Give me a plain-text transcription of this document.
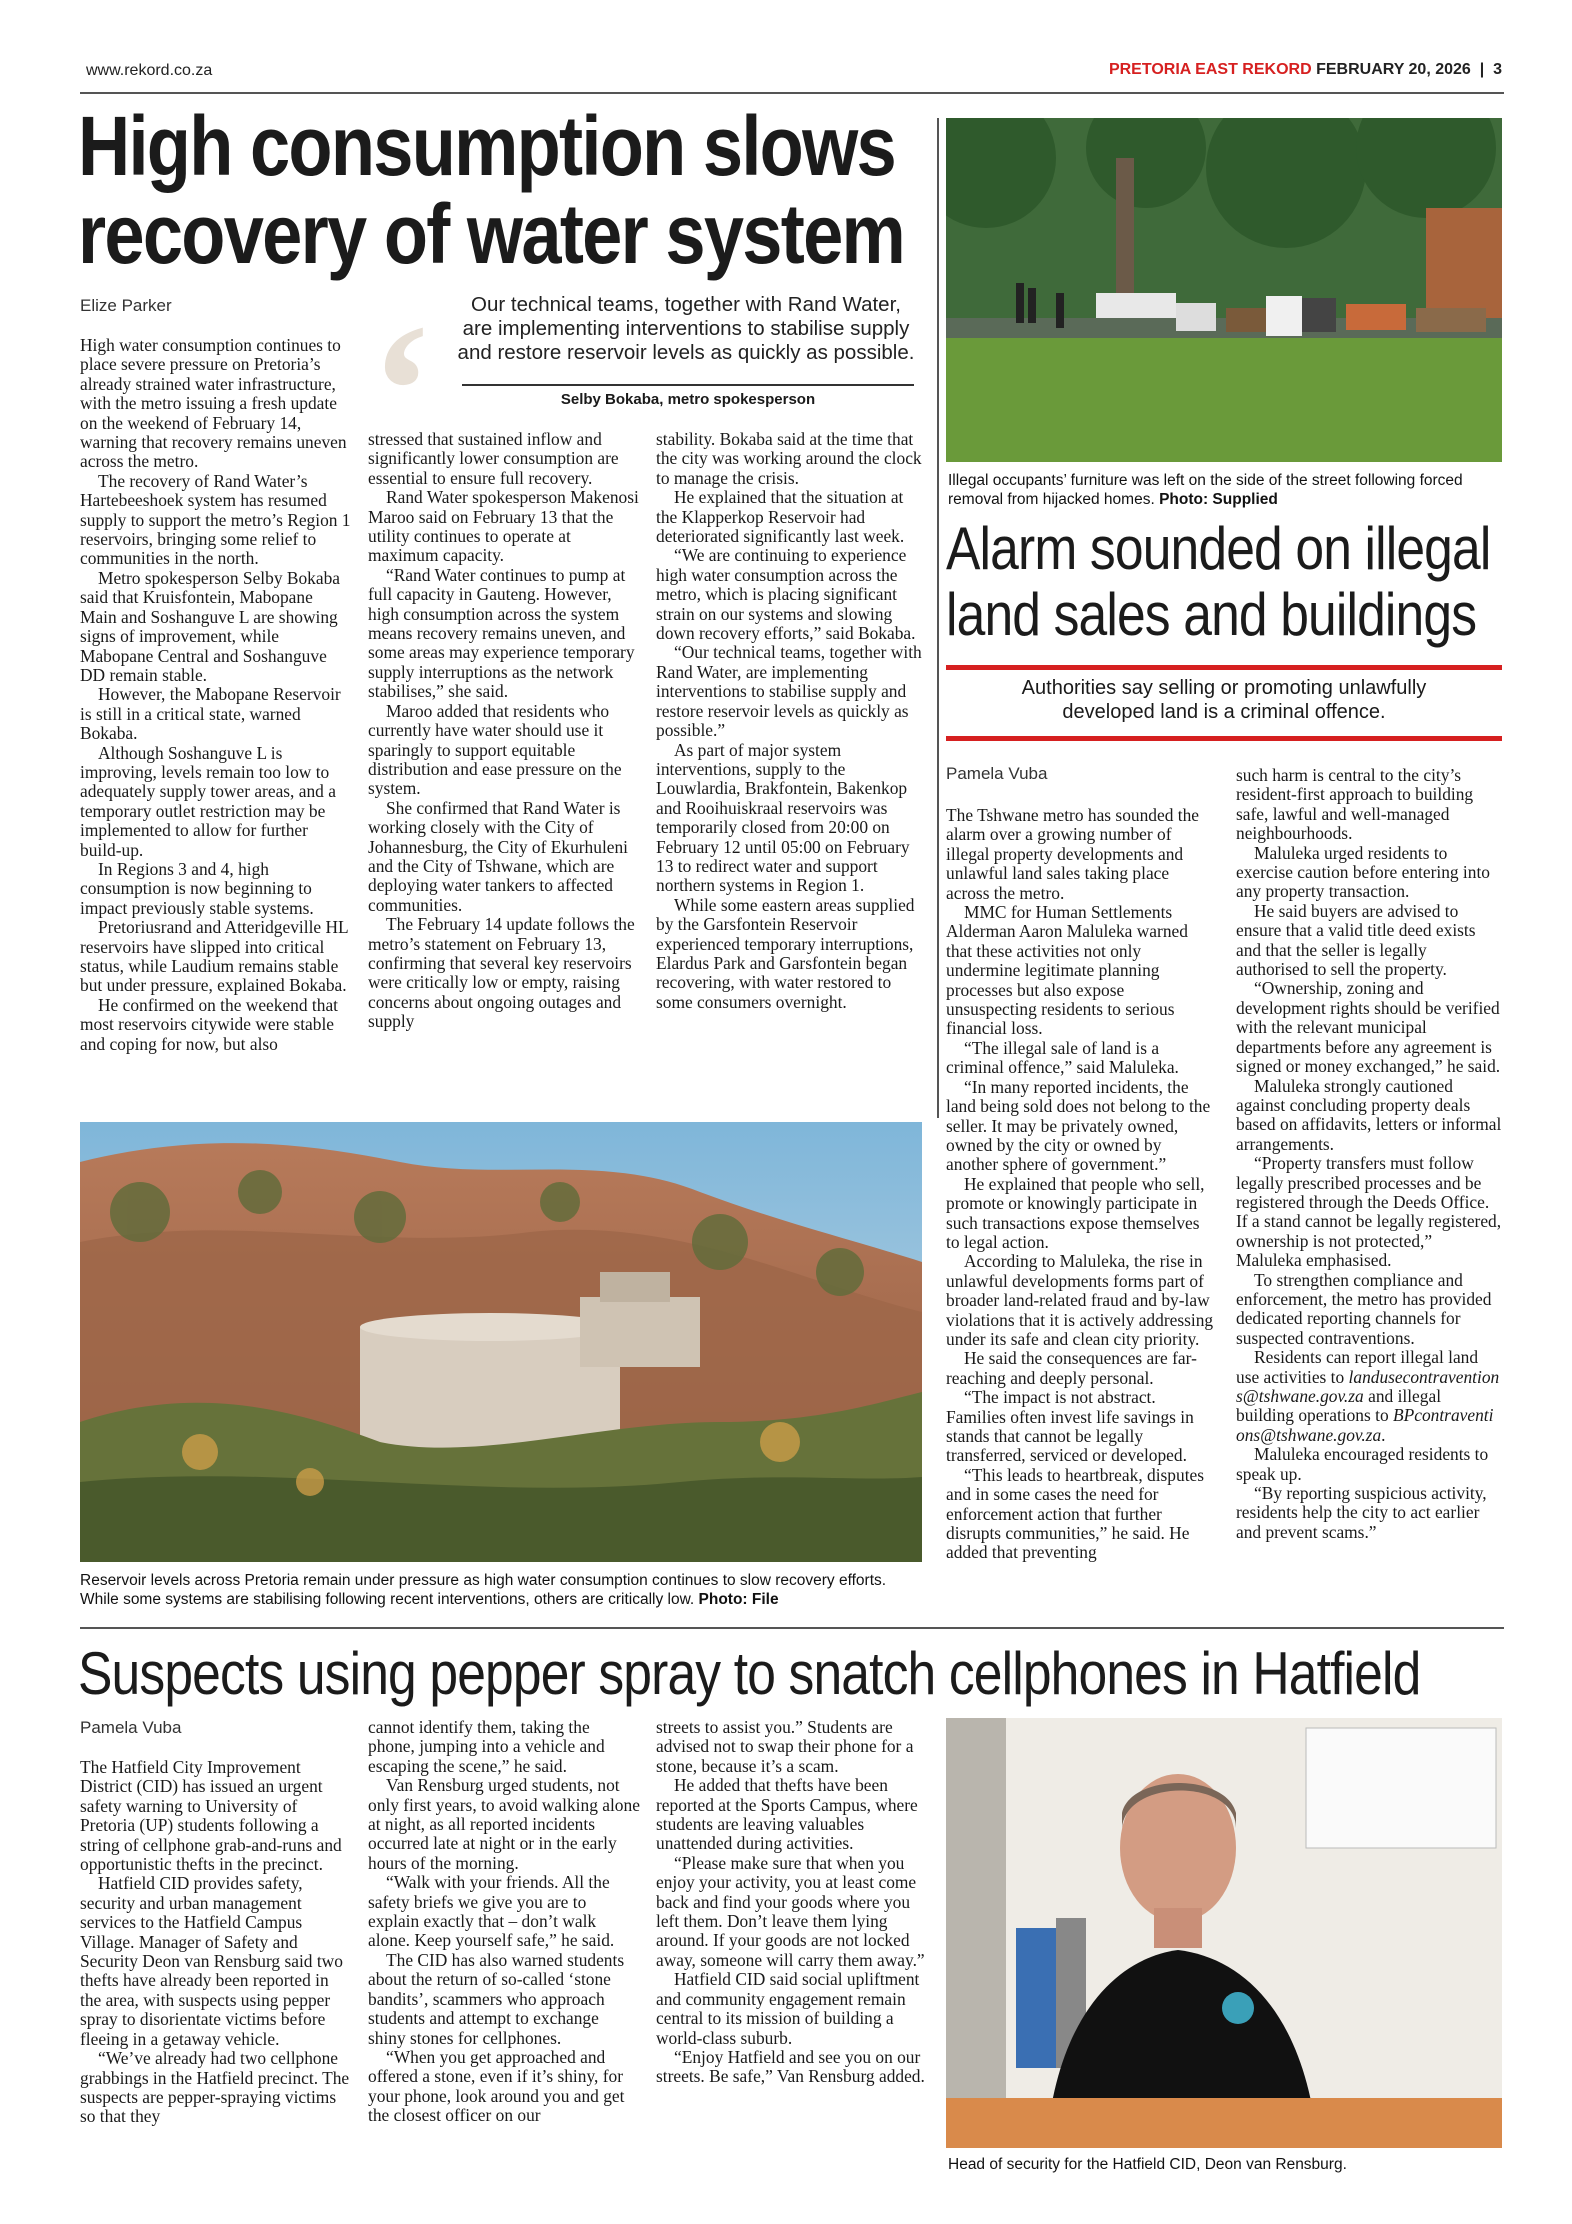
www.rekord.co.za	PRETORIA EAST REKORD FEBRUARY 20, 2026  |  3
High consumption slows
recovery of water system
Elize Parker ‘	Our technical teams, together with Rand Water, are implementing interventions to stabilise supply and restore reservoir levels as quickly as possible.
Selby Bokaba, metro spokesperson

High water consumption continues to place severe pressure on Pretoria’s already strained water infrastructure, with the metro issuing a fresh update on the weekend of February 14, warning that recovery remains uneven across the metro.

The recovery of Rand Water’s Hartebeeshoek system has resumed supply to support the metro’s Region 1 reservoirs, bringing some relief to communities in the north.

Metro spokesperson Selby Bokaba said that Kruisfontein, Mabopane Main and Soshanguve L are showing signs of improvement, while Mabopane Central and Soshanguve DD remain stable.

However, the Mabopane Reservoir is still in a critical state, warned Bokaba.

Although Soshanguve L is improving, levels remain too low to adequately supply tower areas, and a temporary outlet restriction may be implemented to allow for further build-up.

In Regions 3 and 4, high consumption is now beginning to impact previously stable systems.

Pretoriusrand and Atteridgeville HL reservoirs have slipped into critical status, while Laudium remains stable but under pressure, explained Bokaba.

He confirmed on the weekend that most reservoirs citywide were stable and coping for now, but also

stressed that sustained inflow and significantly lower consumption are essential to ensure full recovery.

Rand Water spokesperson Makenosi Maroo said on February 13 that the utility continues to operate at maximum capacity.

“Rand Water continues to pump at full capacity in Gauteng. However, high consumption across the system means recovery remains uneven, and some areas may experience temporary supply interruptions as the network stabilises,” she said.

Maroo added that residents who currently have water should use it sparingly to support equitable distribution and ease pressure on the system.

She confirmed that Rand Water is working closely with the City of Johannesburg, the City of Ekurhuleni and the City of Tshwane, which are deploying water tankers to affected communities.

The February 14 update follows the metro’s statement on February 13, confirming that several key reservoirs were critically low or empty, raising concerns about ongoing outages and supply

stability. Bokaba said at the time that the city was working around the clock to manage the crisis.

He explained that the situation at the Klapperkop Reservoir had deteriorated significantly last week.

“We are continuing to experience high water consumption across the metro, which is placing significant strain on our systems and slowing down recovery efforts,” said Bokaba.

“Our technical teams, together with Rand Water, are implementing interventions to stabilise supply and restore reservoir levels as quickly as possible.”

As part of major system interventions, supply to the Louwlardia, Brakfontein, Bakenkop and Rooihuiskraal reservoirs was temporarily closed from 20:00 on February 12 until 05:00 on February 13 to redirect water and support northern systems in Region 1.

While some eastern areas supplied by the Garsfontein Reservoir experienced temporary interruptions, Elardus Park and Garsfontein began recovering, with water restored to some consumers overnight.

Reservoir levels across Pretoria remain under pressure as high water consumption continues to slow recovery efforts. While some systems are stabilising following recent interventions, others are critically low. Photo: File
Illegal occupants’ furniture was left on the side of the street following forced removal from hijacked homes. Photo: Supplied
Alarm sounded on illegal
land sales and buildings
Authorities say selling or promoting unlawfully developed land is a criminal offence.
Pamela Vuba

The Tshwane metro has sounded the alarm over a growing number of illegal property developments and unlawful land sales taking place across the metro.

MMC for Human Settlements Alderman Aaron Maluleka warned that these activities not only undermine legitimate planning processes but also expose unsuspecting residents to serious financial loss.

“The illegal sale of land is a criminal offence,” said Maluleka.

“In many reported incidents, the land being sold does not belong to the seller. It may be privately owned, owned by the city or owned by another sphere of government.”

He explained that people who sell, promote or knowingly participate in such transactions expose themselves to legal action.

According to Maluleka, the rise in unlawful developments forms part of broader land-related fraud and by-law violations that it is actively addressing under its safe and clean city priority.

He said the consequences are far-reaching and deeply personal.

“The impact is not abstract. Families often invest life savings in stands that cannot be legally transferred, serviced or developed.

“This leads to heartbreak, disputes and in some cases the need for enforcement action that further disrupts communities,” he said. He added that preventing

such harm is central to the city’s resident-first approach to building safe, lawful and well-managed neighbourhoods.

Maluleka urged residents to exercise caution before entering into any property transaction.

He said buyers are advised to ensure that a valid title deed exists and that the seller is legally authorised to sell the property.

“Ownership, zoning and development rights should be verified with the relevant municipal departments before any agreement is signed or money exchanged,” he said.

Maluleka strongly cautioned against concluding property deals based on affidavits, letters or informal arrangements.

“Property transfers must follow legally prescribed processes and be registered through the Deeds Office. If a stand cannot be legally registered, ownership is not protected,” Maluleka emphasised.

To strengthen compliance and enforcement, the metro has provided dedicated reporting channels for suspected contraventions.

Residents can report illegal land use activities to landusecontraventions@tshwane.gov.za and illegal building operations to BPcontraventions@tshwane.gov.za.

Maluleka encouraged residents to speak up.

“By reporting suspicious activity, residents help the city to act earlier and prevent scams.”

Suspects using pepper spray to snatch cellphones in Hatfield
Pamela Vuba

The Hatfield City Improvement District (CID) has issued an urgent safety warning to University of Pretoria (UP) students following a string of cellphone grab-and-runs and opportunistic thefts in the precinct.

Hatfield CID provides safety, security and urban management services to the Hatfield Campus Village. Manager of Safety and Security Deon van Rensburg said two thefts have already been reported in the area, with suspects using pepper spray to disorientate victims before fleeing in a getaway vehicle.

“We’ve already had two cellphone grabbings in the Hatfield precinct. The suspects are pepper-spraying victims so that they

cannot identify them, taking the phone, jumping into a vehicle and escaping the scene,” he said.

Van Rensburg urged students, not only first years, to avoid walking alone at night, as all reported incidents occurred late at night or in the early hours of the morning.

“Walk with your friends. All the safety briefs we give you are to explain exactly that – don’t walk alone. Keep yourself safe,” he said.

The CID has also warned students about the return of so-called ‘stone bandits’, scammers who approach students and attempt to exchange shiny stones for cellphones.

“When you get approached and offered a stone, even if it’s shiny, for your phone, look around you and get the closest officer on our

streets to assist you.” Students are advised not to swap their phone for a stone, because it’s a scam.

He added that thefts have been reported at the Sports Campus, where students are leaving valuables unattended during activities.

“Please make sure that when you enjoy your activity, you at least come back and find your goods where you left them. Don’t leave them lying around. If your goods are not locked away, someone will carry them away.”

Hatfield CID said social upliftment and community engagement remain central to its mission of building a world-class suburb.

“Enjoy Hatfield and see you on our streets. Be safe,” Van Rensburg added.

Head of security for the Hatfield CID, Deon van Rensburg.
